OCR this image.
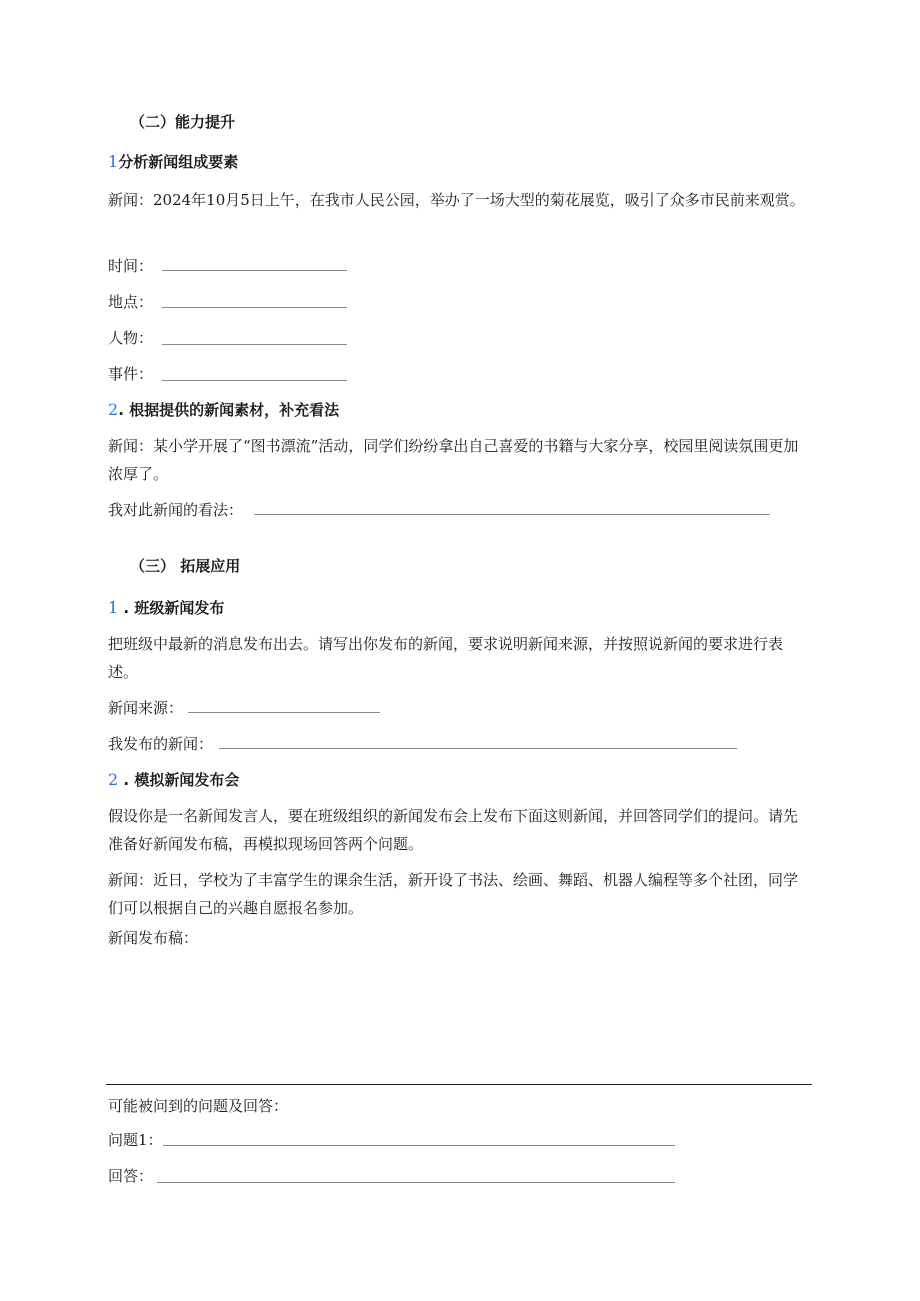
（二）能力提升
1分析新闻组成要素
新闻：2024年10月5日上午，在我市人民公园，举办了一场大型的菊花展览，吸引了众多市民前来观赏。
时间：
地点：
人物：
事件：
2. 根据提供的新闻素材，补充看法
新闻：某小学开展了“图书漂流”活动，同学们纷纷拿出自己喜爱的书籍与大家分享，校园里阅读氛围更加浓厚了。
我对此新闻的看法：
（三） 拓展应用
1 . 班级新闻发布
把班级中最新的消息发布出去。请写出你发布的新闻，要求说明新闻来源，并按照说新闻的要求进行表述。
新闻来源：
我发布的新闻：
2 . 模拟新闻发布会
假设你是一名新闻发言人，要在班级组织的新闻发布会上发布下面这则新闻，并回答同学们的提问。请先准备好新闻发布稿，再模拟现场回答两个问题。
新闻：近日，学校为了丰富学生的课余生活，新开设了书法、绘画、舞蹈、机器人编程等多个社团，同学们可以根据自己的兴趣自愿报名参加。
新闻发布稿：
可能被问到的问题及回答：
问题1：
回答：
